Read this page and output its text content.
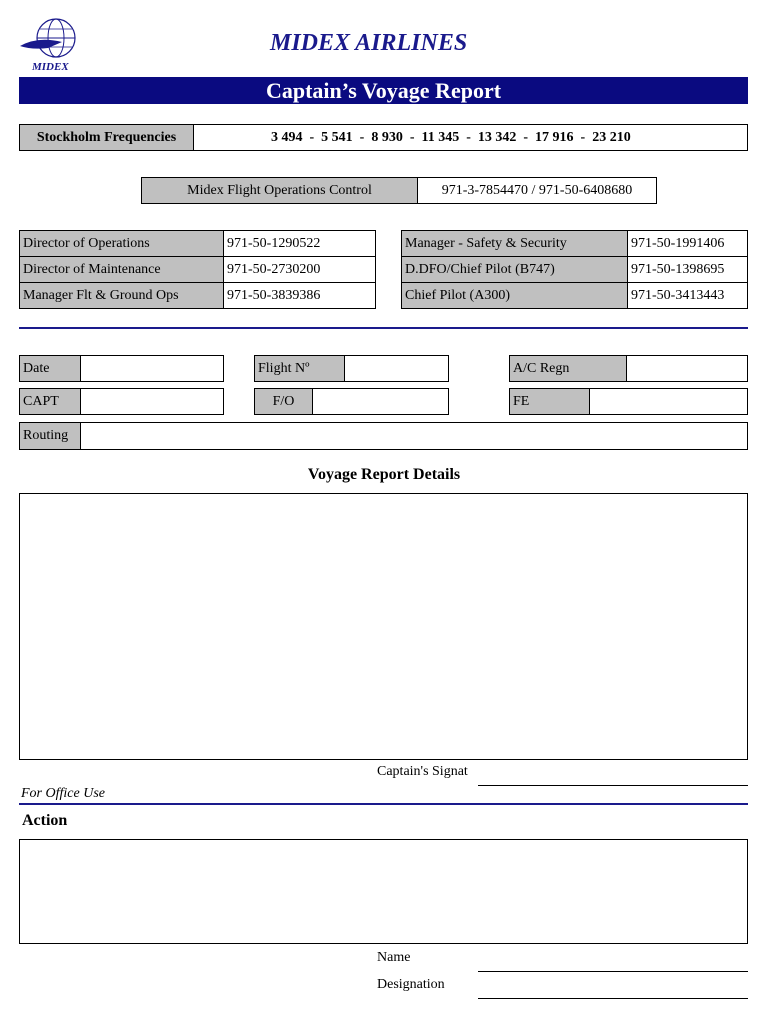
MIDEX
MIDEX AIRLINES
Captain’s Voyage Report
Stockholm Frequencies	3 494  -  5 541  -  8 930  -  11 345  -  13 342  -  17 916  -  23 210
Midex Flight Operations Control	971-3-7854470 / 971-50-6408680
Director of Operations	971-50-1290522
Director of Maintenance	971-50-2730200
Manager Flt & Ground Ops	971-50-3839386
Manager - Safety & Security	971-50-1991406
D.DFO/Chief Pilot (B747)	971-50-1398695
Chief Pilot (A300)	971-50-3413443
Date	Flight Nº	A/C Regn
CAPT	F/O	FE
Routing
Voyage Report Details
Captain's Signat
For Office Use
Action
Name
Designation
